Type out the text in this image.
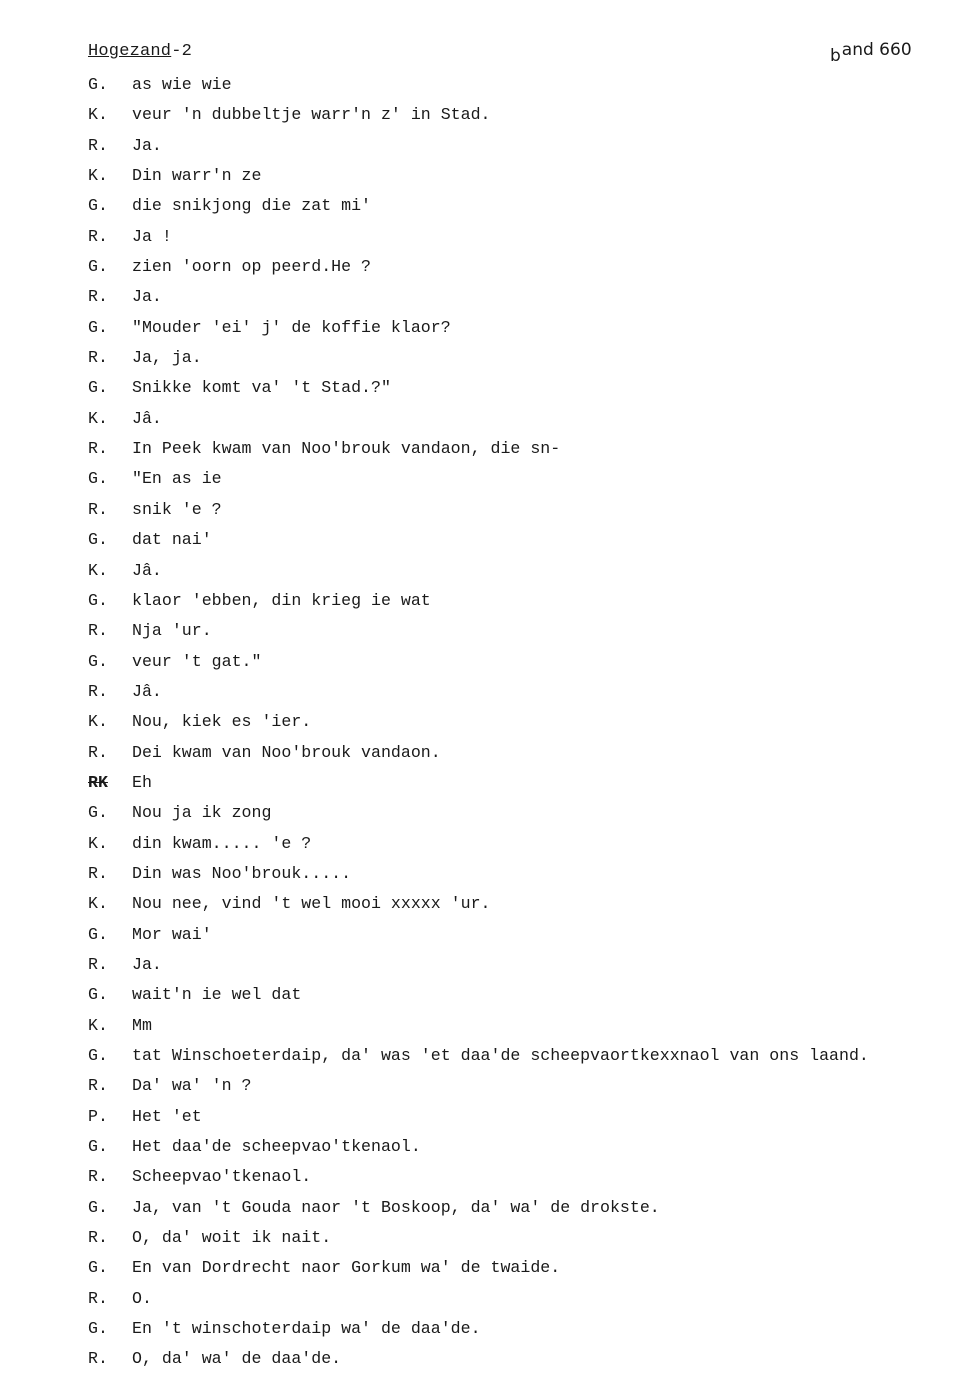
Hogezand-2	band 660
G.	as wie wie
K.	veur 'n dubbeltje warr'n z' in Stad.
R.	Ja.
K.	Din warr'n ze
G.	die snikjong die zat mi'
R.	Ja !
G.	zien 'oorn op peerd.He ?
R.	Ja.
G.	"Mouder 'ei' j' de koffie klaor?
R.	Ja, ja.
G.	Snikke komt va' 't Stad.?"
K.	Jâ.
R.	In Peek kwam van Noo'brouk vandaon, die sn-
G.	"En as ie
R.	snik 'e ?
G.	dat nai'
K.	Jâ.
G.	klaor 'ebben, din krieg ie wat
R.	Nja 'ur.
G.	veur 't gat."
R.	Jâ.
K.	Nou, kiek es 'ier.
R.	Dei kwam van Noo'brouk vandaon.
RK	Eh
G.	Nou ja ik zong
K.	din kwam..... 'e ?
R.	Din was Noo'brouk.....
K.	Nou nee, vind 't wel mooi xxxxx 'ur.
G.	Mor wai'
R.	Ja.
G.	wait'n ie wel dat
K.	Mm
G.	tat Winschoeterdaip, da' was 'et daa'de scheepvaortkexxnaol van ons laand.
R.	Da' wa' 'n ?
P.	Het 'et
G.	Het daa'de scheepvao'tkenaol.
R.	Scheepvao'tkenaol.
G.	Ja, van 't Gouda naor 't Boskoop, da' wa' de drokste.
R.	O, da' woit ik nait.
G.	En van Dordrecht naor Gorkum wa' de twaide.
R.	O.
G.	En 't winschoterdaip wa' de daa'de.
R.	O, da' wa' de daa'de.
